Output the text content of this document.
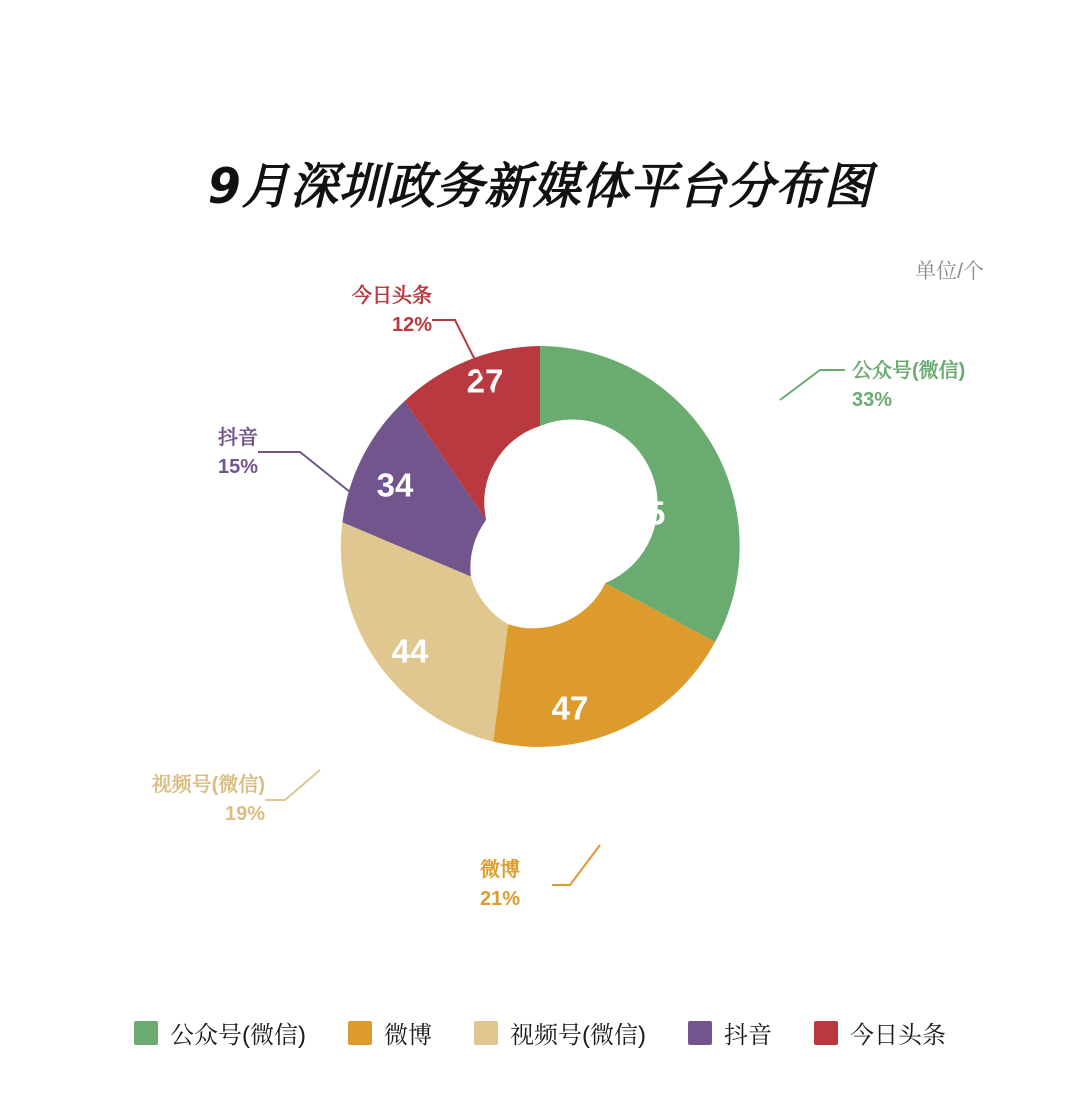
9月深圳政务新媒体平台分布图
单位/个
75
47
44
34
27	公众号(微信)
33%
微博
21%
视频号(微信)
19%
抖音
15%
今日头条
12%
公众号(微信)	微博	视频号(微信)	抖音	今日头条
